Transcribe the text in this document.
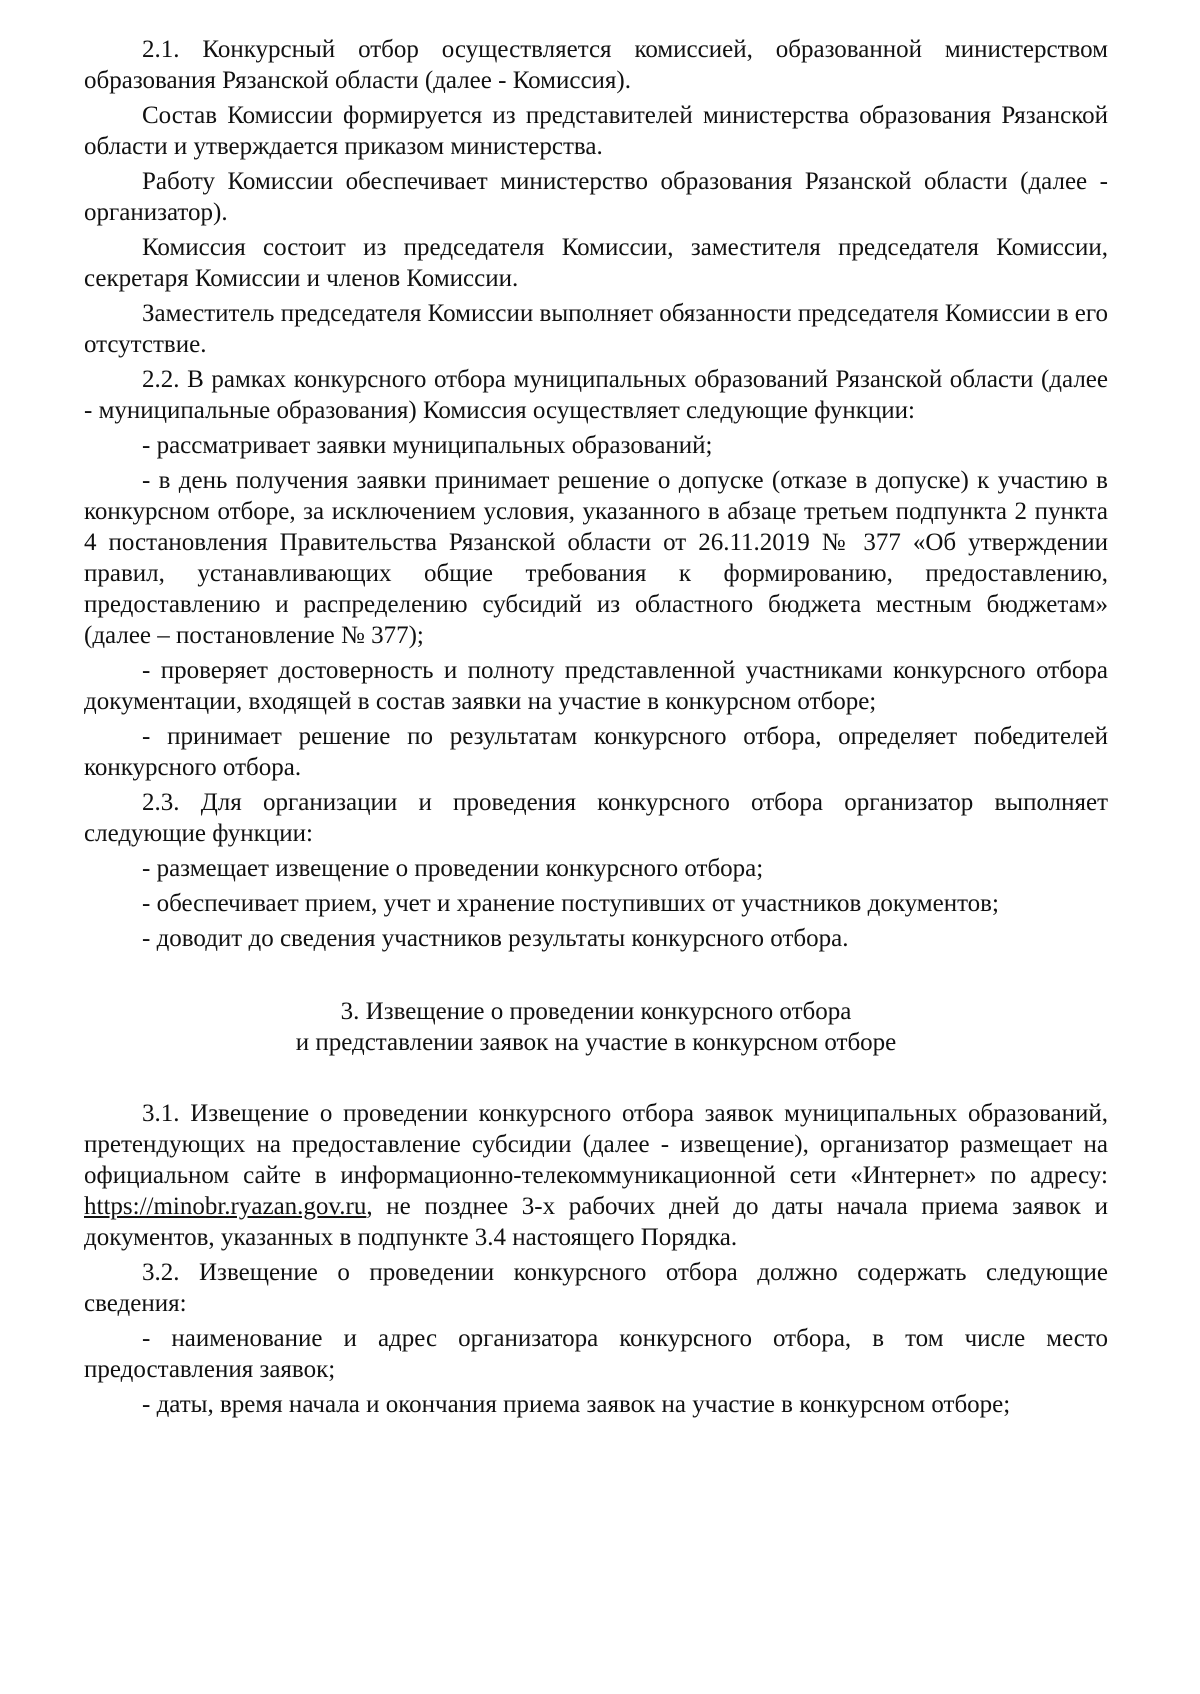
2.1. Конкурсный отбор осуществляется комиссией, образованной министерством образования Рязанской области (далее - Комиссия).

Состав Комиссии формируется из представителей министерства образования Рязанской области и утверждается приказом министерства.

Работу Комиссии обеспечивает министерство образования Рязанской области (далее - организатор).

Комиссия состоит из председателя Комиссии, заместителя председателя Комиссии, секретаря Комиссии и членов Комиссии.

Заместитель председателя Комиссии выполняет обязанности председателя Комиссии в его отсутствие.

2.2. В рамках конкурсного отбора муниципальных образований Рязанской области (далее - муниципальные образования) Комиссия осуществляет следующие функции:

- рассматривает заявки муниципальных образований;

- в день получения заявки принимает решение о допуске (отказе в допуске) к участию в конкурсном отборе, за исключением условия, указанного в абзаце третьем подпункта 2 пункта 4 постановления Правительства Рязанской области от 26.11.2019 № 377 «Об утверждении правил, устанавливающих общие требования к формированию, предоставлению, предоставлению и распределению субсидий из областного бюджета местным бюджетам» (далее – постановление № 377);

- проверяет достоверность и полноту представленной участниками конкурсного отбора документации, входящей в состав заявки на участие в конкурсном отборе;

- принимает решение по результатам конкурсного отбора, определяет победителей конкурсного отбора.

2.3. Для организации и проведения конкурсного отбора организатор выполняет следующие функции:

- размещает извещение о проведении конкурсного отбора;

- обеспечивает прием, учет и хранение поступивших от участников документов;

- доводит до сведения участников результаты конкурсного отбора.

3. Извещение о проведении конкурсного отбора
и представлении заявок на участие в конкурсном отборе

3.1. Извещение о проведении конкурсного отбора заявок муниципальных образований, претендующих на предоставление субсидии (далее - извещение), организатор размещает на официальном сайте в информационно-телекоммуникационной сети «Интернет» по адресу: https://minobr.ryazan.gov.ru, не позднее 3-х рабочих дней до даты начала приема заявок и документов, указанных в подпункте 3.4 настоящего Порядка.

3.2. Извещение о проведении конкурсного отбора должно содержать следующие сведения:

- наименование и адрес организатора конкурсного отбора, в том числе место предоставления заявок;

- даты, время начала и окончания приема заявок на участие в конкурсном отборе;
